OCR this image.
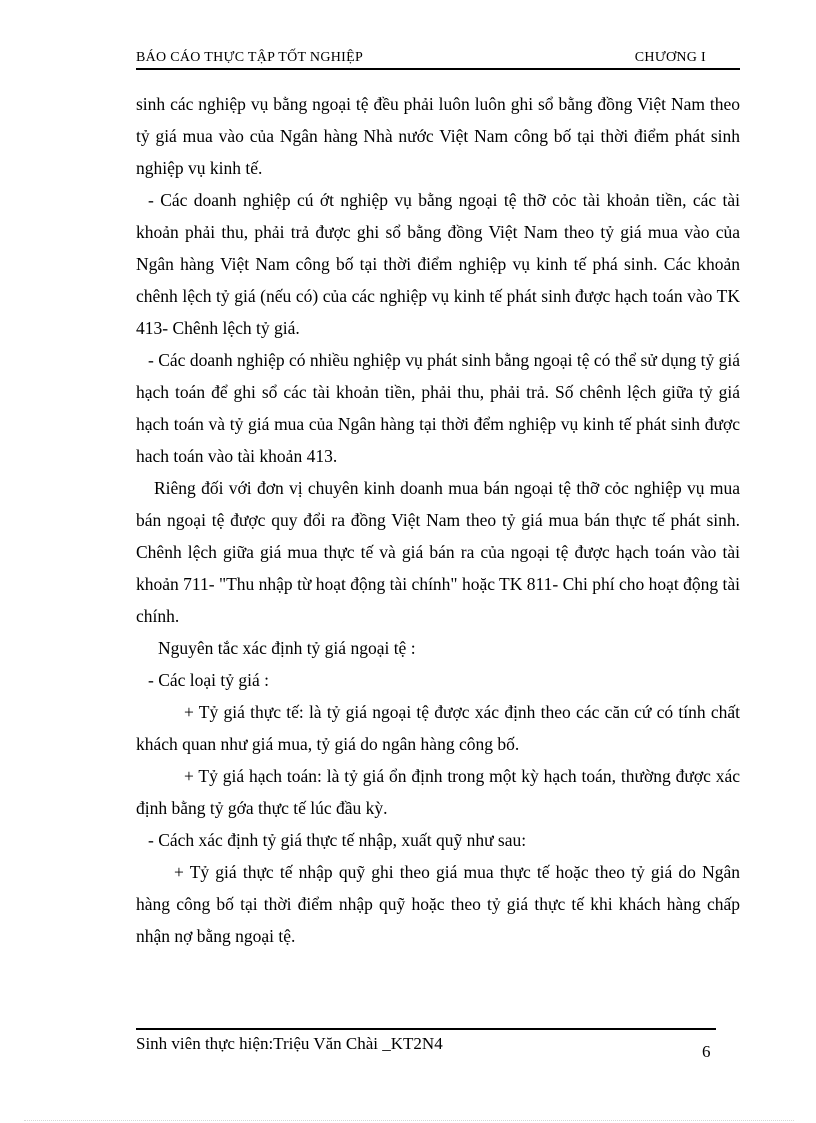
BÁO CÁO THỰC TẬP TỐT NGHIỆP	CHƯƠNG I

sinh các nghiệp vụ bằng ngoại tệ đều phải luôn luôn ghi sổ bằng đồng Việt Nam theo tỷ giá mua vào của Ngân hàng Nhà nước Việt Nam công bố tại thời điểm phát sinh nghiệp vụ kinh tế.

- Các doanh nghiệp cú ớt nghiệp vụ bằng ngoại tệ thỡ cỏc tài khoản tiền, các tài khoản phải thu, phải trả được ghi sổ bằng đồng Việt Nam theo tỷ giá mua vào của Ngân hàng Việt Nam công bố tại thời điểm nghiệp vụ kinh tế phá sinh. Các khoản chênh lệch tỷ giá (nếu có) của các nghiệp vụ kinh tế phát sinh được hạch toán vào TK 413- Chênh lệch tỷ giá.

- Các doanh nghiệp có nhiều nghiệp vụ phát sinh bằng ngoại tệ có thể sử dụng tỷ giá hạch toán để ghi sổ các tài khoản tiền, phải thu, phải trả. Số chênh lệch giữa tỷ giá hạch toán và tỷ giá mua của Ngân hàng tại thời đểm nghiệp vụ kinh tế phát sinh được hach toán vào tài khoản 413.

Riêng đối với đơn vị chuyên kinh doanh mua bán ngoại tệ thỡ cỏc nghiệp vụ mua bán ngoại tệ được quy đổi ra đồng Việt Nam theo tỷ giá mua bán thực tế phát sinh. Chênh lệch giữa giá mua thực tế và giá bán ra của ngoại tệ được hạch toán vào tài khoản 711- "Thu nhập từ hoạt động tài chính" hoặc TK 811- Chi phí cho hoạt động tài chính.

Nguyên tắc xác định tỷ giá ngoại tệ :

- Các loại tỷ giá :

+ Tỷ giá thực tế: là tỷ giá ngoại tệ được xác định theo các căn cứ có tính chất khách quan như giá mua, tỷ giá do ngân hàng công bố.

+ Tỷ giá hạch toán: là tỷ giá ổn định trong một kỳ hạch toán, thường được xác định bằng tỷ gớa thực tế lúc đầu kỳ.

- Cách xác định tỷ giá thực tế nhập, xuất quỹ như sau:

+ Tỷ giá thực tế nhập quỹ ghi theo giá mua thực tế hoặc theo tỷ giá do Ngân hàng công bố tại thời điểm nhập quỹ hoặc theo tỷ giá thực tế khi khách hàng chấp nhận nợ bằng ngoại tệ.

Sinh viên thực hiện:Triệu Văn Chài _KT2N4	6
